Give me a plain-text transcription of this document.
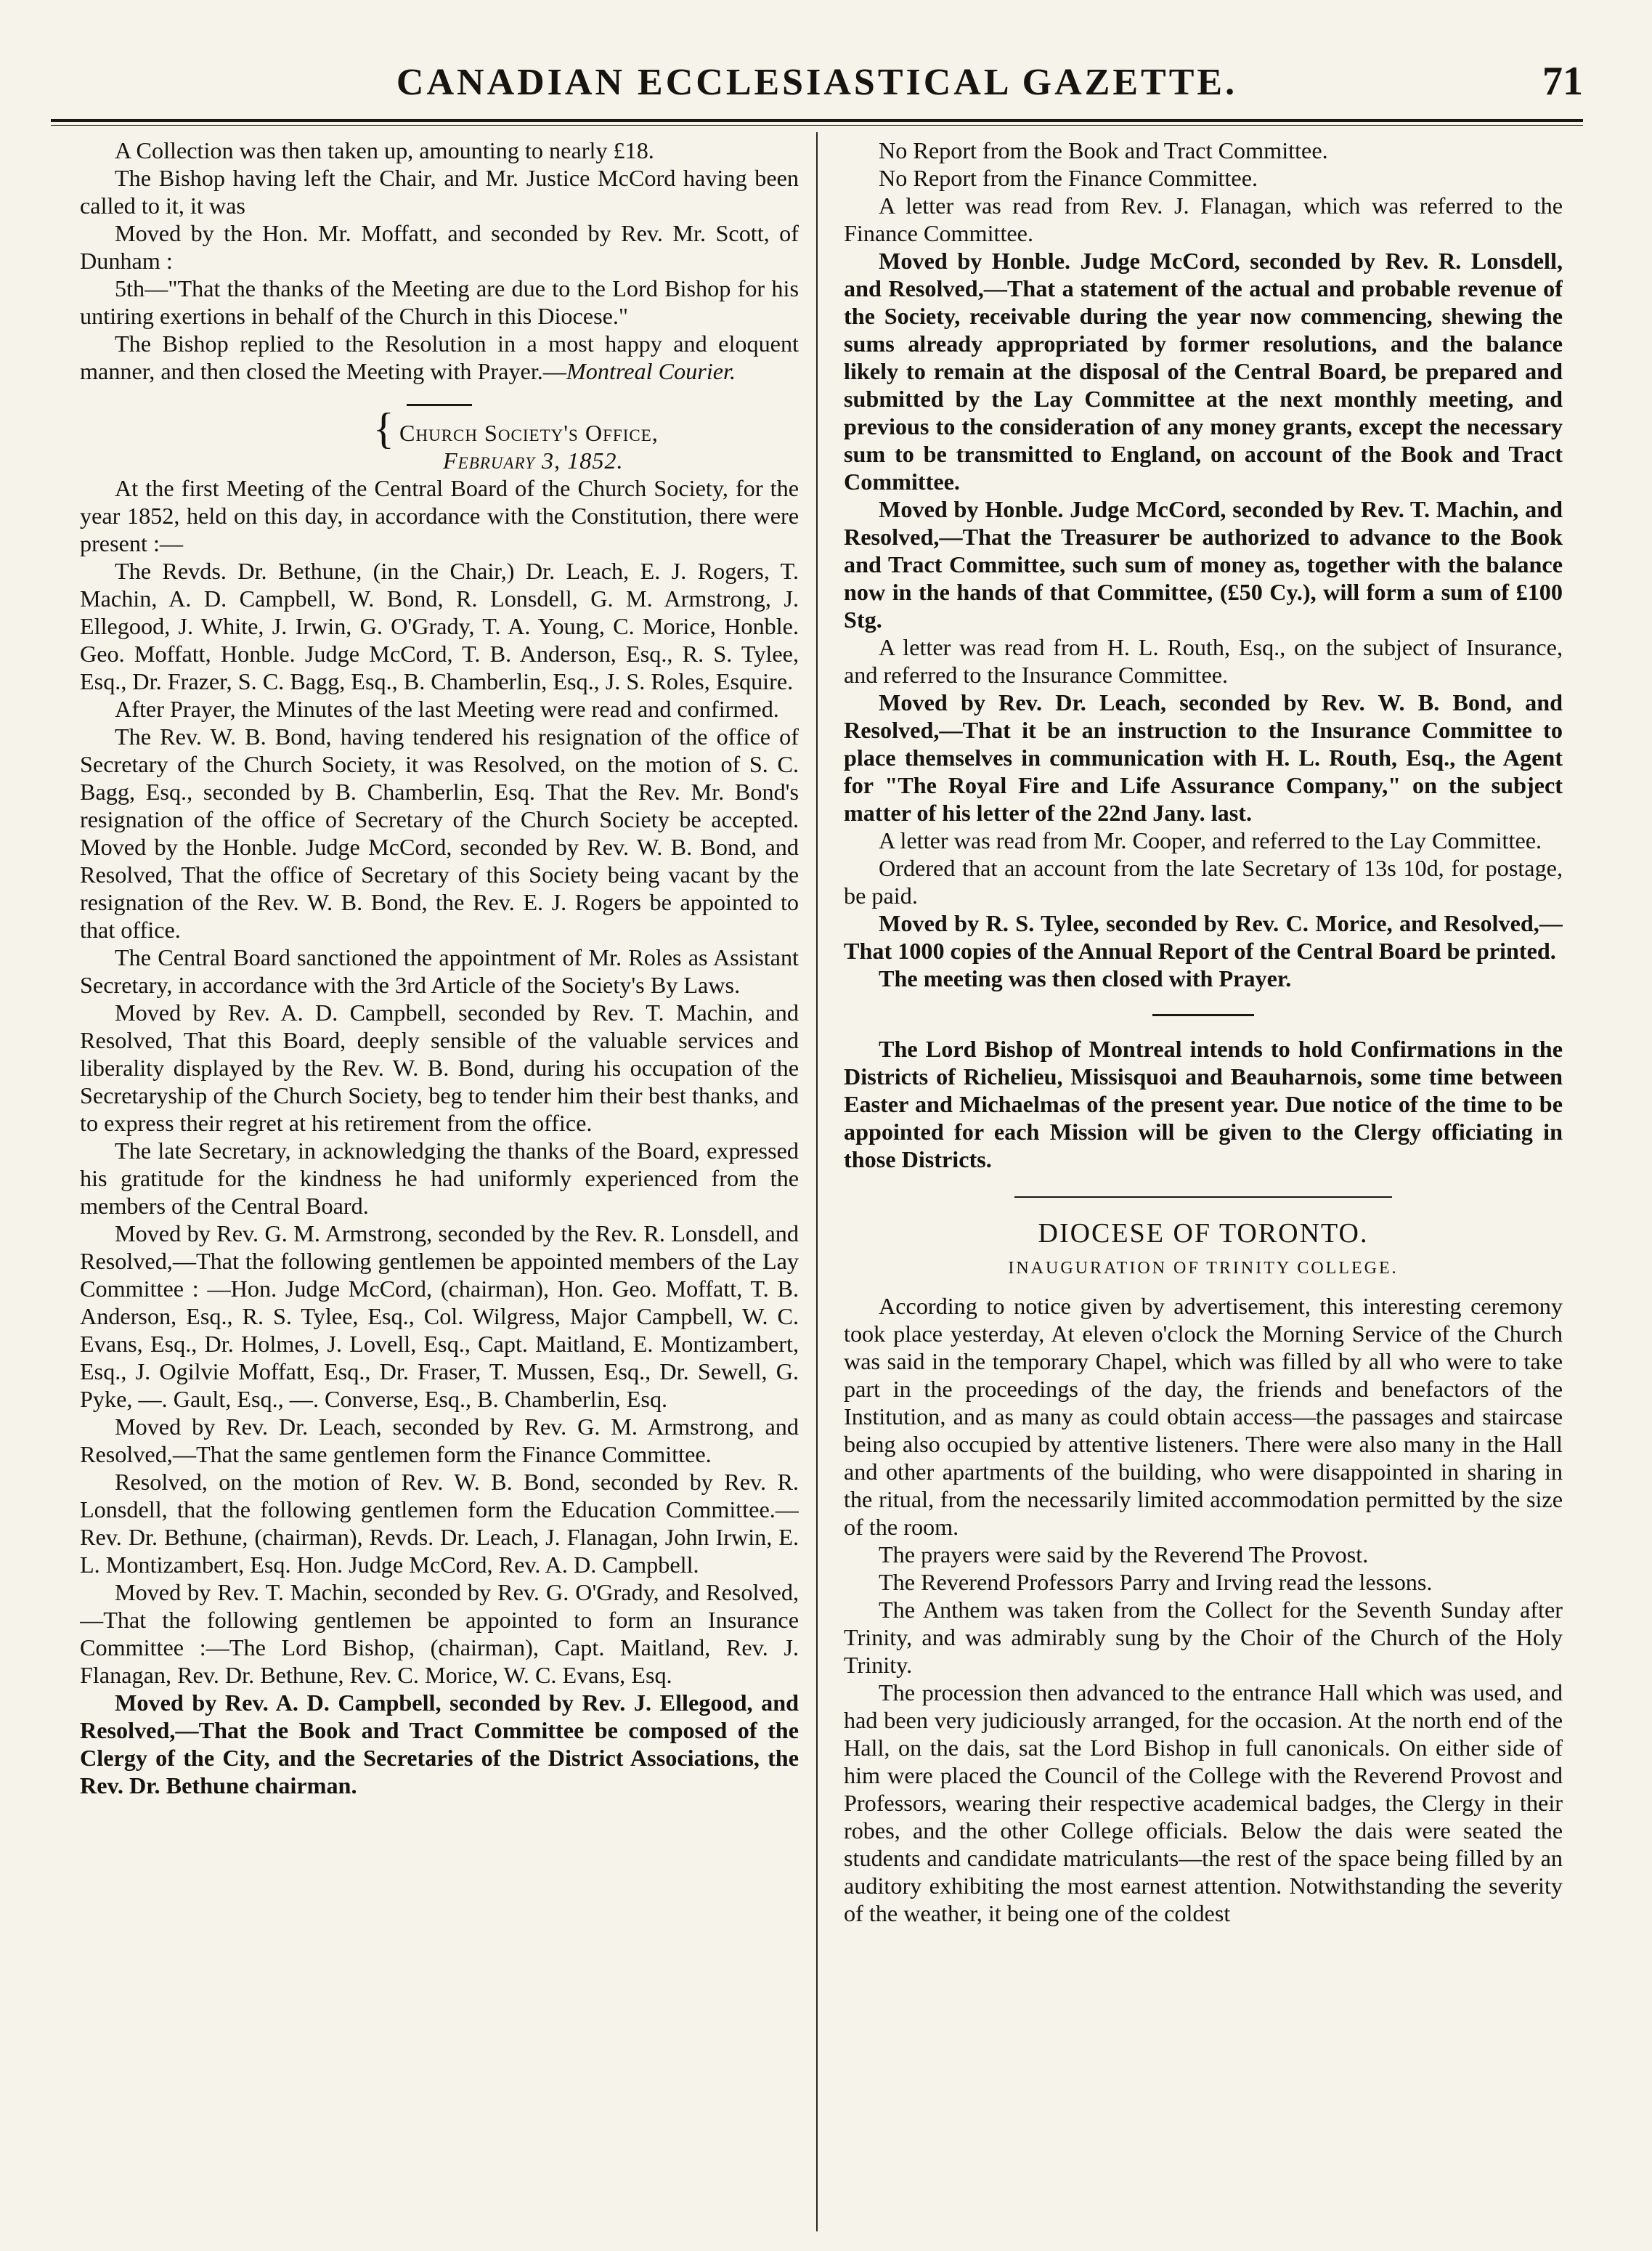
CANADIAN ECCLESIASTICAL GAZETTE.	71

A Collection was then taken up, amounting to nearly £18.

The Bishop having left the Chair, and Mr. Justice McCord having been called to it, it was

Moved by the Hon. Mr. Moffatt, and seconded by Rev. Mr. Scott, of Dunham :

5th—"That the thanks of the Meeting are due to the Lord Bishop for his untiring exertions in behalf of the Church in this Diocese."

The Bishop replied to the Resolution in a most happy and eloquent manner, and then closed the Meeting with Prayer.—Montreal Courier.

{ Church Society's Office,
February 3, 1852.

At the first Meeting of the Central Board of the Church Society, for the year 1852, held on this day, in accordance with the Constitution, there were present :—

The Revds. Dr. Bethune, (in the Chair,) Dr. Leach, E. J. Rogers, T. Machin, A. D. Campbell, W. Bond, R. Lonsdell, G. M. Armstrong, J. Ellegood, J. White, J. Irwin, G. O'Grady, T. A. Young, C. Morice, Honble. Geo. Moffatt, Honble. Judge McCord, T. B. Anderson, Esq., R. S. Tylee, Esq., Dr. Frazer, S. C. Bagg, Esq., B. Chamberlin, Esq., J. S. Roles, Esquire.

After Prayer, the Minutes of the last Meeting were read and confirmed.

The Rev. W. B. Bond, having tendered his resignation of the office of Secretary of the Church Society, it was Resolved, on the motion of S. C. Bagg, Esq., seconded by B. Chamberlin, Esq. That the Rev. Mr. Bond's resignation of the office of Secretary of the Church Society be accepted. Moved by the Honble. Judge McCord, seconded by Rev. W. B. Bond, and Resolved, That the office of Secretary of this Society being vacant by the resignation of the Rev. W. B. Bond, the Rev. E. J. Rogers be appointed to that office.

The Central Board sanctioned the appointment of Mr. Roles as Assistant Secretary, in accordance with the 3rd Article of the Society's By Laws.

Moved by Rev. A. D. Campbell, seconded by Rev. T. Machin, and Resolved, That this Board, deeply sensible of the valuable services and liberality displayed by the Rev. W. B. Bond, during his occupation of the Secretaryship of the Church Society, beg to tender him their best thanks, and to express their regret at his retirement from the office.

The late Secretary, in acknowledging the thanks of the Board, expressed his gratitude for the kindness he had uniformly experienced from the members of the Central Board.

Moved by Rev. G. M. Armstrong, seconded by the Rev. R. Lonsdell, and Resolved,—That the following gentlemen be appointed members of the Lay Committee : —Hon. Judge McCord, (chairman), Hon. Geo. Moffatt, T. B. Anderson, Esq., R. S. Tylee, Esq., Col. Wilgress, Major Campbell, W. C. Evans, Esq., Dr. Holmes, J. Lovell, Esq., Capt. Maitland, E. Montizambert, Esq., J. Ogilvie Moffatt, Esq., Dr. Fraser, T. Mussen, Esq., Dr. Sewell, G. Pyke, —. Gault, Esq., —. Converse, Esq., B. Chamberlin, Esq.

Moved by Rev. Dr. Leach, seconded by Rev. G. M. Armstrong, and Resolved,—That the same gentlemen form the Finance Committee.

Resolved, on the motion of Rev. W. B. Bond, seconded by Rev. R. Lonsdell, that the following gentlemen form the Education Committee.—Rev. Dr. Bethune, (chairman), Revds. Dr. Leach, J. Flanagan, John Irwin, E. L. Montizambert, Esq. Hon. Judge McCord, Rev. A. D. Campbell.

Moved by Rev. T. Machin, seconded by Rev. G. O'Grady, and Resolved,—That the following gentlemen be appointed to form an Insurance Committee :—The Lord Bishop, (chairman), Capt. Maitland, Rev. J. Flanagan, Rev. Dr. Bethune, Rev. C. Morice, W. C. Evans, Esq.

Moved by Rev. A. D. Campbell, seconded by Rev. J. Ellegood, and Resolved,—That the Book and Tract Committee be composed of the Clergy of the City, and the Secretaries of the District Associations, the Rev. Dr. Bethune chairman.

No Report from the Book and Tract Committee.

No Report from the Finance Committee.

A letter was read from Rev. J. Flanagan, which was referred to the Finance Committee.

Moved by Honble. Judge McCord, seconded by Rev. R. Lonsdell, and Resolved,—That a statement of the actual and probable revenue of the Society, receivable during the year now commencing, shewing the sums already appropriated by former resolutions, and the balance likely to remain at the disposal of the Central Board, be prepared and submitted by the Lay Committee at the next monthly meeting, and previous to the consideration of any money grants, except the necessary sum to be transmitted to England, on account of the Book and Tract Committee.

Moved by Honble. Judge McCord, seconded by Rev. T. Machin, and Resolved,—That the Treasurer be authorized to advance to the Book and Tract Committee, such sum of money as, together with the balance now in the hands of that Committee, (£50 Cy.), will form a sum of £100 Stg.

A letter was read from H. L. Routh, Esq., on the subject of Insurance, and referred to the Insurance Committee.

Moved by Rev. Dr. Leach, seconded by Rev. W. B. Bond, and Resolved,—That it be an instruction to the Insurance Committee to place themselves in communication with H. L. Routh, Esq., the Agent for "The Royal Fire and Life Assurance Company," on the subject matter of his letter of the 22nd Jany. last.

A letter was read from Mr. Cooper, and referred to the Lay Committee.

Ordered that an account from the late Secretary of 13s 10d, for postage, be paid.

Moved by R. S. Tylee, seconded by Rev. C. Morice, and Resolved,—That 1000 copies of the Annual Report of the Central Board be printed.

The meeting was then closed with Prayer.

The Lord Bishop of Montreal intends to hold Confirmations in the Districts of Richelieu, Missisquoi and Beauharnois, some time between Easter and Michaelmas of the present year. Due notice of the time to be appointed for each Mission will be given to the Clergy officiating in those Districts.

DIOCESE OF TORONTO.
INAUGURATION OF TRINITY COLLEGE.

According to notice given by advertisement, this interesting ceremony took place yesterday, At eleven o'clock the Morning Service of the Church was said in the temporary Chapel, which was filled by all who were to take part in the proceedings of the day, the friends and benefactors of the Institution, and as many as could obtain access—the passages and staircase being also occupied by attentive listeners. There were also many in the Hall and other apartments of the building, who were disappointed in sharing in the ritual, from the necessarily limited accommodation permitted by the size of the room.

The prayers were said by the Reverend The Provost.

The Reverend Professors Parry and Irving read the lessons.

The Anthem was taken from the Collect for the Seventh Sunday after Trinity, and was admirably sung by the Choir of the Church of the Holy Trinity.

The procession then advanced to the entrance Hall which was used, and had been very judiciously arranged, for the occasion. At the north end of the Hall, on the dais, sat the Lord Bishop in full canonicals. On either side of him were placed the Council of the College with the Reverend Provost and Professors, wearing their respective academical badges, the Clergy in their robes, and the other College officials. Below the dais were seated the students and candidate matriculants—the rest of the space being filled by an auditory exhibiting the most earnest attention. Notwithstanding the severity of the weather, it being one of the coldest
